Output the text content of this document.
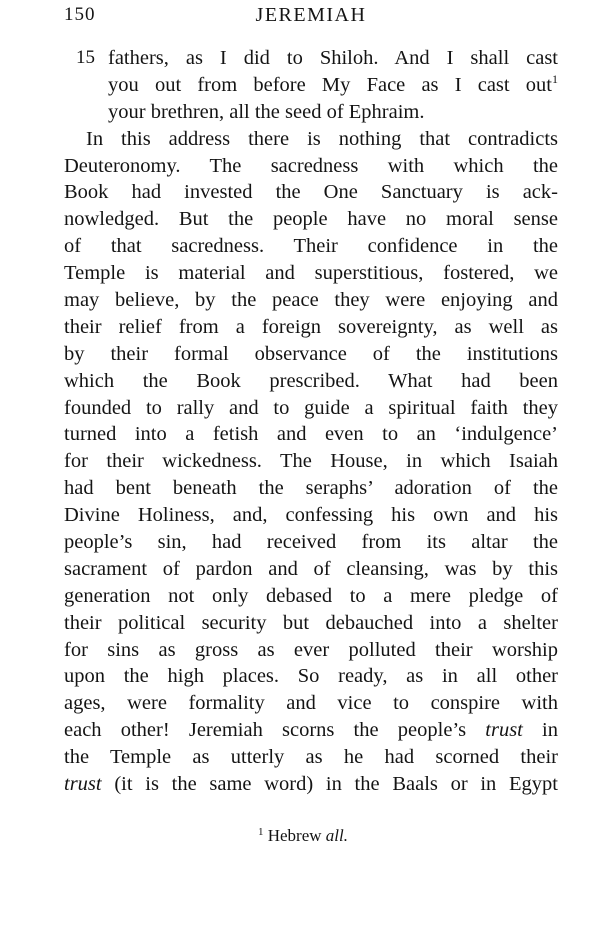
150	JEREMIAH
15 fathers, as I did to Shiloh. And I shall cast
you out from before My Face as I cast out$^1$
your brethren, all the seed of Ephraim.
In this address there is nothing that contradicts
Deuteronomy. The sacredness with which the
Book had invested the One Sanctuary is ack-
nowledged. But the people have no moral sense
of that sacredness. Their confidence in the
Temple is material and superstitious, fostered, we
may believe, by the peace they were enjoying and
their relief from a foreign sovereignty, as well as
by their formal observance of the institutions
which the Book prescribed. What had been
founded to rally and to guide a spiritual faith they
turned into a fetish and even to an ‘indulgence’
for their wickedness. The House, in which Isaiah
had bent beneath the seraphs’ adoration of the
Divine Holiness, and, confessing his own and his
people’s sin, had received from its altar the
sacrament of pardon and of cleansing, was by this
generation not only debased to a mere pledge of
their political security but debauched into a shelter
for sins as gross as ever polluted their worship
upon the high places. So ready, as in all other
ages, were formality and vice to conspire with
each other! Jeremiah scorns the people’s trust in
the Temple as utterly as he had scorned their
trust (it is the same word) in the Baals or in Egypt
$^1$ Hebrew all.
